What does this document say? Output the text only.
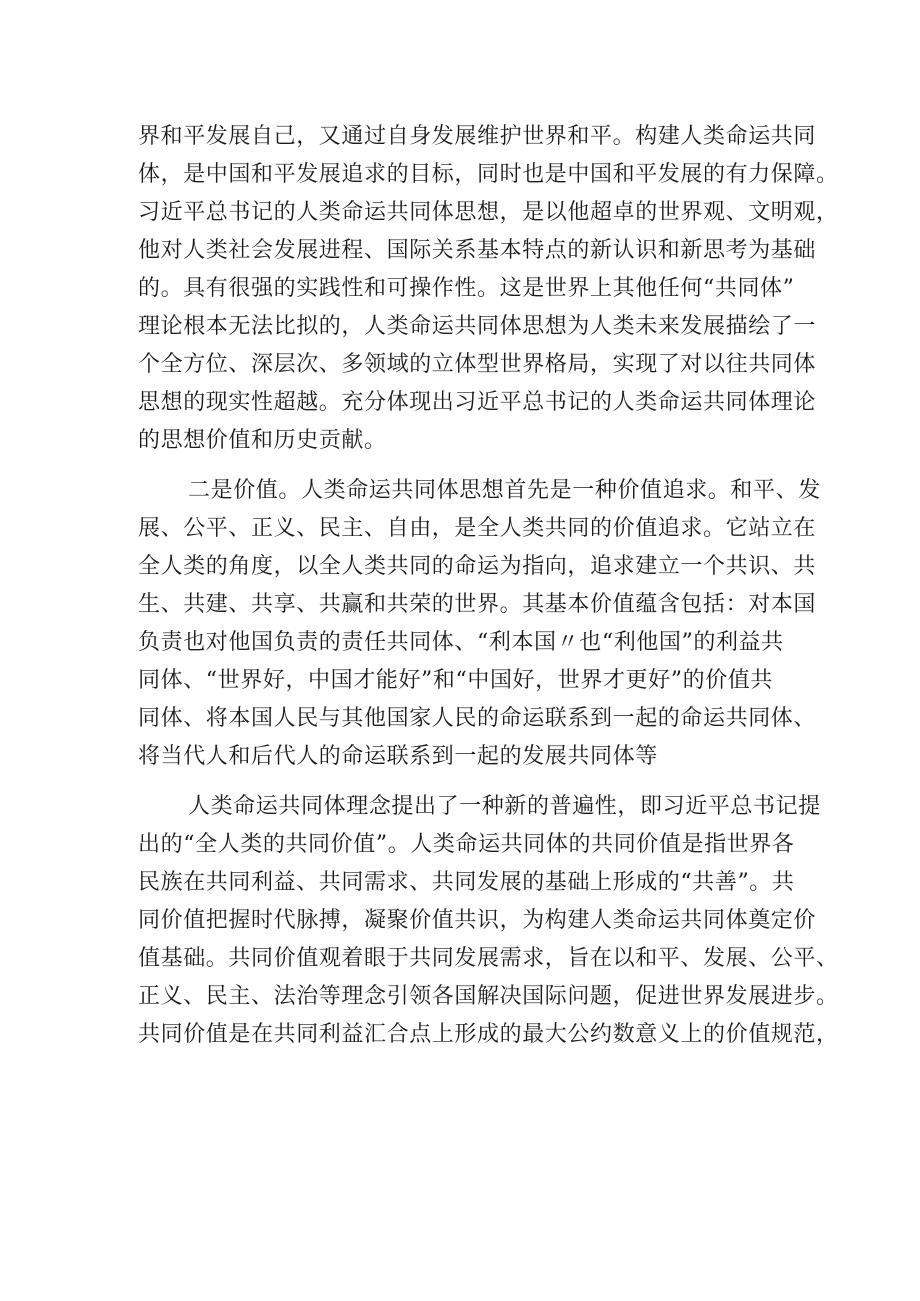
界和平发展自己，又通过自身发展维护世界和平。构建人类命运共同
体，是中国和平发展追求的目标，同时也是中国和平发展的有力保障。
习近平总书记的人类命运共同体思想，是以他超卓的世界观、文明观，
他对人类社会发展进程、国际关系基本特点的新认识和新思考为基础
的。具有很强的实践性和可操作性。这是世界上其他任何“共同体”
理论根本无法比拟的，人类命运共同体思想为人类未来发展描绘了一
个全方位、深层次、多领域的立体型世界格局，实现了对以往共同体
思想的现实性超越。充分体现出习近平总书记的人类命运共同体理论
的思想价值和历史贡献。
二是价值。人类命运共同体思想首先是一种价值追求。和平、发
展、公平、正义、民主、自由，是全人类共同的价值追求。它站立在
全人类的角度，以全人类共同的命运为指向，追求建立一个共识、共
生、共建、共享、共赢和共荣的世界。其基本价值蕴含包括：对本国
负责也对他国负责的责任共同体、“利本国〃也“利他国”的利益共
同体、“世界好，中国才能好”和“中国好，世界才更好”的价值共
同体、将本国人民与其他国家人民的命运联系到一起的命运共同体、
将当代人和后代人的命运联系到一起的发展共同体等
人类命运共同体理念提出了一种新的普遍性，即习近平总书记提
出的“全人类的共同价值”。人类命运共同体的共同价值是指世界各
民族在共同利益、共同需求、共同发展的基础上形成的“共善”。共
同价值把握时代脉搏，凝聚价值共识，为构建人类命运共同体奠定价
值基础。共同价值观着眼于共同发展需求，旨在以和平、发展、公平、
正义、民主、法治等理念引领各国解决国际问题，促进世界发展进步。
共同价值是在共同利益汇合点上形成的最大公约数意义上的价值规范，
